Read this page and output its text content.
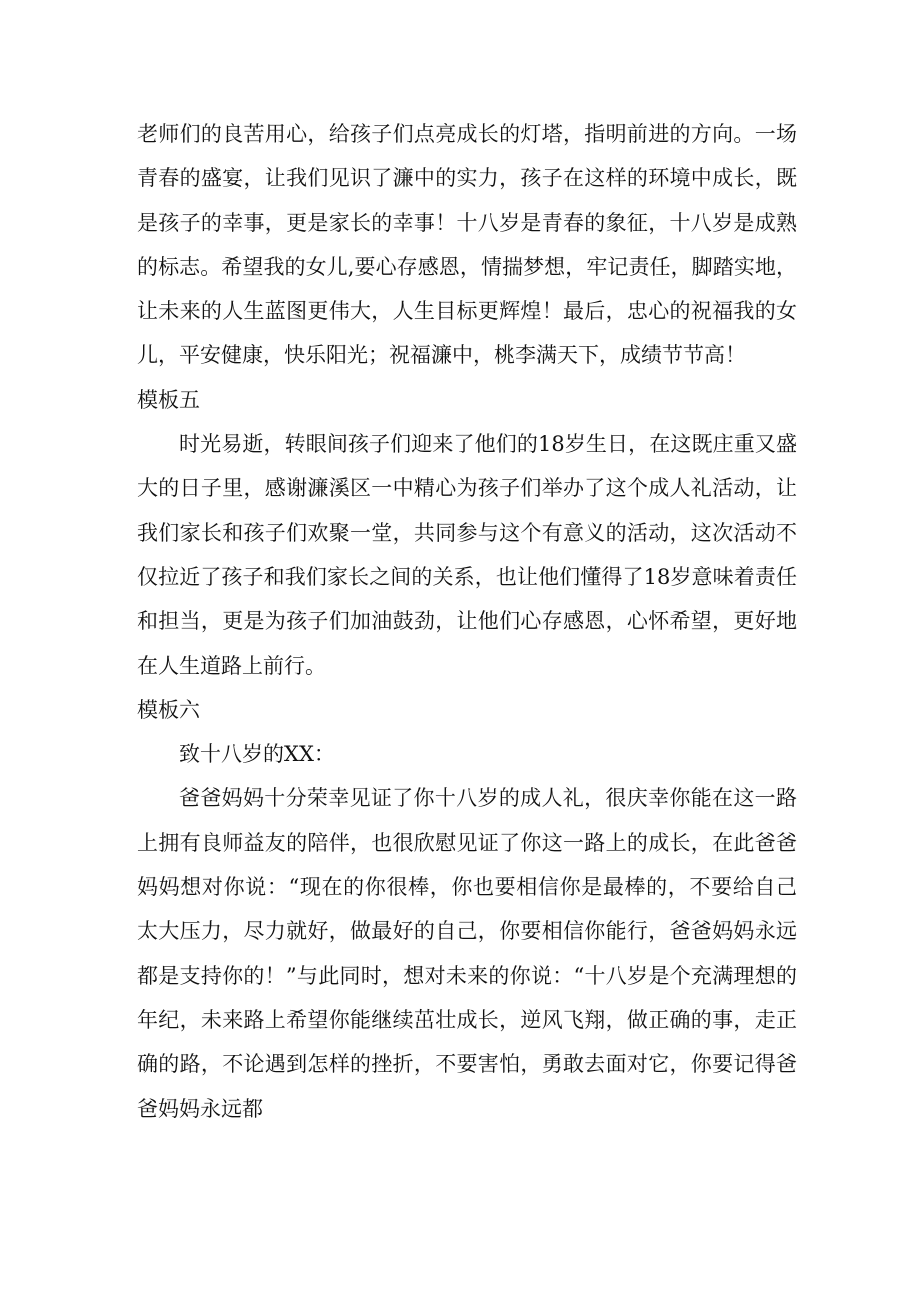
老师们的良苦用心，给孩子们点亮成长的灯塔，指明前进的方向。一场青春的盛宴，让我们见识了濂中的实力，孩子在这样的环境中成长，既是孩子的幸事，更是家长的幸事！十八岁是青春的象征，十八岁是成熟的标志。希望我的女儿,要心存感恩，情揣梦想，牢记责任，脚踏实地，让未来的人生蓝图更伟大，人生目标更辉煌！最后，忠心的祝福我的女儿，平安健康，快乐阳光；祝福濂中，桃李满天下，成绩节节高！

模板五

时光易逝，转眼间孩子们迎来了他们的18岁生日，在这既庄重又盛大的日子里，感谢濂溪区一中精心为孩子们举办了这个成人礼活动，让我们家长和孩子们欢聚一堂，共同参与这个有意义的活动，这次活动不仅拉近了孩子和我们家长之间的关系，也让他们懂得了18岁意味着责任和担当，更是为孩子们加油鼓劲，让他们心存感恩，心怀希望，更好地在人生道路上前行。

模板六

致十八岁的XX：

爸爸妈妈十分荣幸见证了你十八岁的成人礼，很庆幸你能在这一路上拥有良师益友的陪伴，也很欣慰见证了你这一路上的成长，在此爸爸妈妈想对你说：“现在的你很棒，你也要相信你是最棒的，不要给自己太大压力，尽力就好，做最好的自己，你要相信你能行，爸爸妈妈永远都是支持你的！”与此同时，想对未来的你说：“十八岁是个充满理想的年纪，未来路上希望你能继续茁壮成长，逆风飞翔，做正确的事，走正确的路，不论遇到怎样的挫折，不要害怕，勇敢去面对它，你要记得爸爸妈妈永远都
